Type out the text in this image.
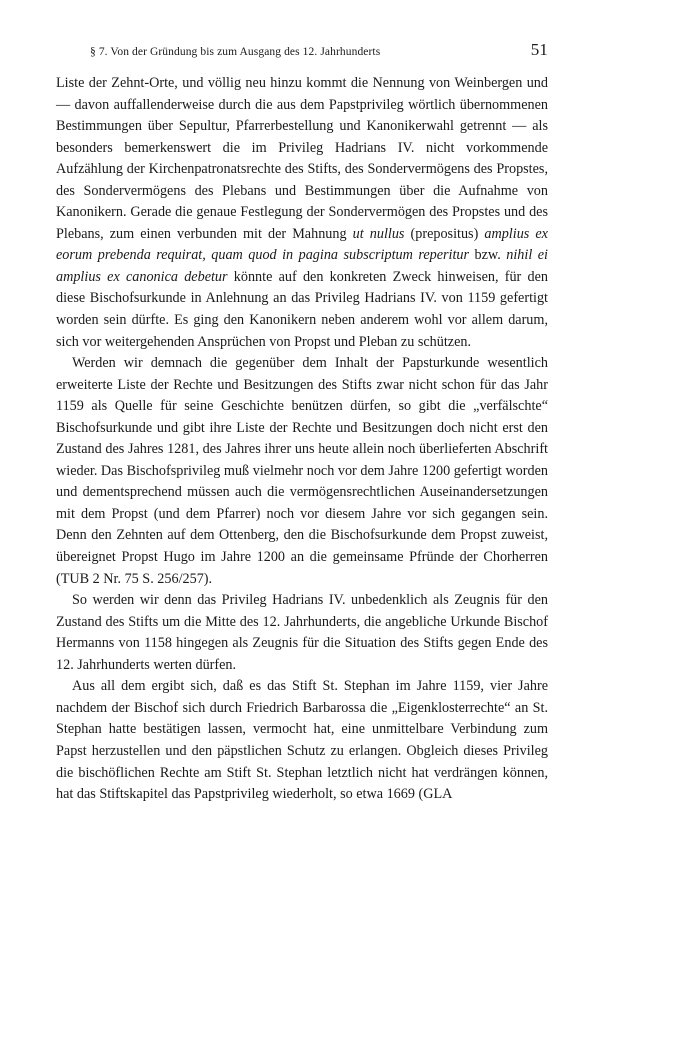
§ 7. Von der Gründung bis zum Ausgang des 12. Jahrhunderts	51

Liste der Zehnt-Orte, und völlig neu hinzu kommt die Nennung von Weinbergen und — davon auffallenderweise durch die aus dem Papstprivileg wörtlich übernommenen Bestimmungen über Sepultur, Pfarrerbestellung und Kanonikerwahl getrennt — als besonders bemerkenswert die im Privileg Hadrians IV. nicht vorkommende Aufzählung der Kirchenpatronatsrechte des Stifts, des Sondervermögens des Propstes, des Sondervermögens des Plebans und Bestimmungen über die Aufnahme von Kanonikern. Gerade die genaue Festlegung der Sondervermögen des Propstes und des Plebans, zum einen verbunden mit der Mahnung ut nullus (prepositus) amplius ex eorum prebenda requirat, quam quod in pagina subscriptum reperitur bzw. nihil ei amplius ex canonica debetur könnte auf den konkreten Zweck hinweisen, für den diese Bischofsurkunde in Anlehnung an das Privileg Hadrians IV. von 1159 gefertigt worden sein dürfte. Es ging den Kanonikern neben anderem wohl vor allem darum, sich vor weitergehenden Ansprüchen von Propst und Pleban zu schützen.

Werden wir demnach die gegenüber dem Inhalt der Papsturkunde wesentlich erweiterte Liste der Rechte und Besitzungen des Stifts zwar nicht schon für das Jahr 1159 als Quelle für seine Geschichte benützen dürfen, so gibt die „verfälschte“ Bischofsurkunde und gibt ihre Liste der Rechte und Besitzungen doch nicht erst den Zustand des Jahres 1281, des Jahres ihrer uns heute allein noch überlieferten Abschrift wieder. Das Bischofsprivileg muß vielmehr noch vor dem Jahre 1200 gefertigt worden und dementsprechend müssen auch die vermögensrechtlichen Auseinandersetzungen mit dem Propst (und dem Pfarrer) noch vor diesem Jahre vor sich gegangen sein. Denn den Zehnten auf dem Ottenberg, den die Bischofsurkunde dem Propst zuweist, übereignet Propst Hugo im Jahre 1200 an die gemeinsame Pfründe der Chorherren (TUB 2 Nr. 75 S. 256/257).

So werden wir denn das Privileg Hadrians IV. unbedenklich als Zeugnis für den Zustand des Stifts um die Mitte des 12. Jahrhunderts, die angebliche Urkunde Bischof Hermanns von 1158 hingegen als Zeugnis für die Situation des Stifts gegen Ende des 12. Jahrhunderts werten dürfen.

Aus all dem ergibt sich, daß es das Stift St. Stephan im Jahre 1159, vier Jahre nachdem der Bischof sich durch Friedrich Barbarossa die „Eigenklosterrechte“ an St. Stephan hatte bestätigen lassen, vermocht hat, eine unmittelbare Verbindung zum Papst herzustellen und den päpstlichen Schutz zu erlangen. Obgleich dieses Privileg die bischöflichen Rechte am Stift St. Stephan letztlich nicht hat verdrängen können, hat das Stiftskapitel das Papstprivileg wiederholt, so etwa 1669 (GLA
